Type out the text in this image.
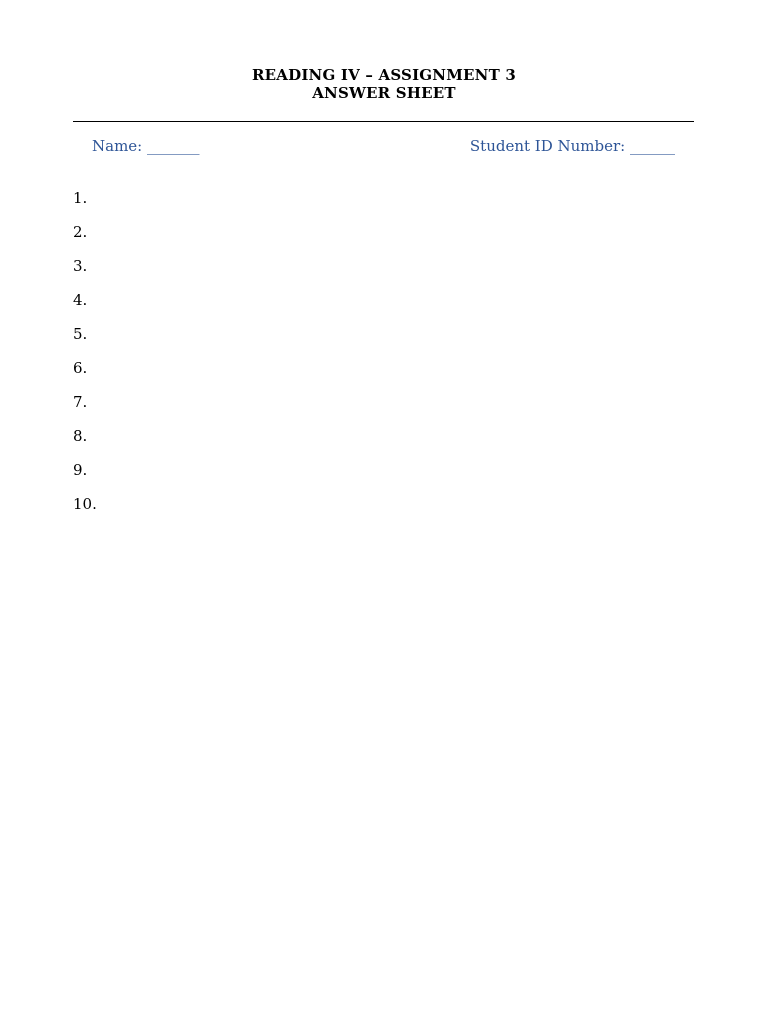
READING IV – ASSIGNMENT 3
ANSWER SHEET
Name: _______	Student ID Number: ______
1.
2.
3.
4.
5.
6.
7.
8.
9.
10.
